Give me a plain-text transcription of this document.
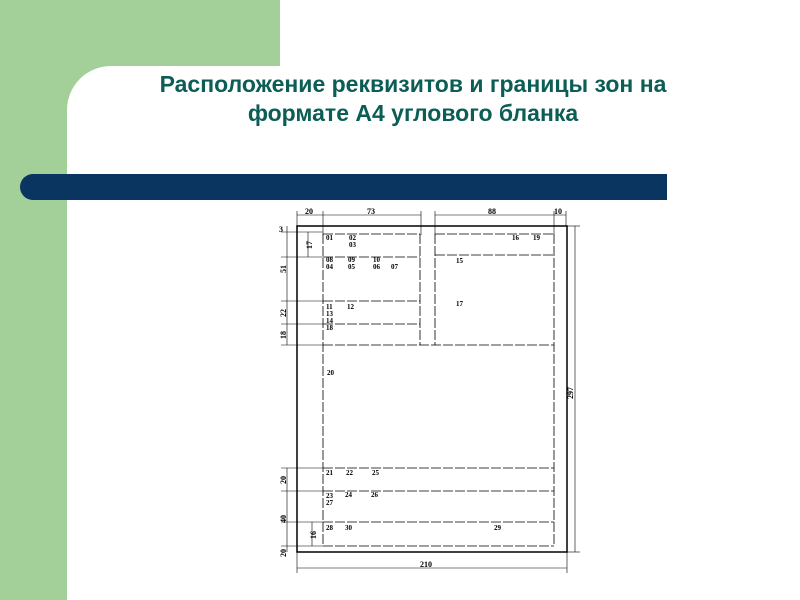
Расположение реквизитов и границы зон на
формате А4 углового бланка
20	73	88	10
3
17
51
22
18
20
40
16
20
297
210
01 02
03
08 09	10
04 05	06 07
11 12
13
14
18
15
16 19
17
20
21 22	25
23 24	26
27
28 30	29
